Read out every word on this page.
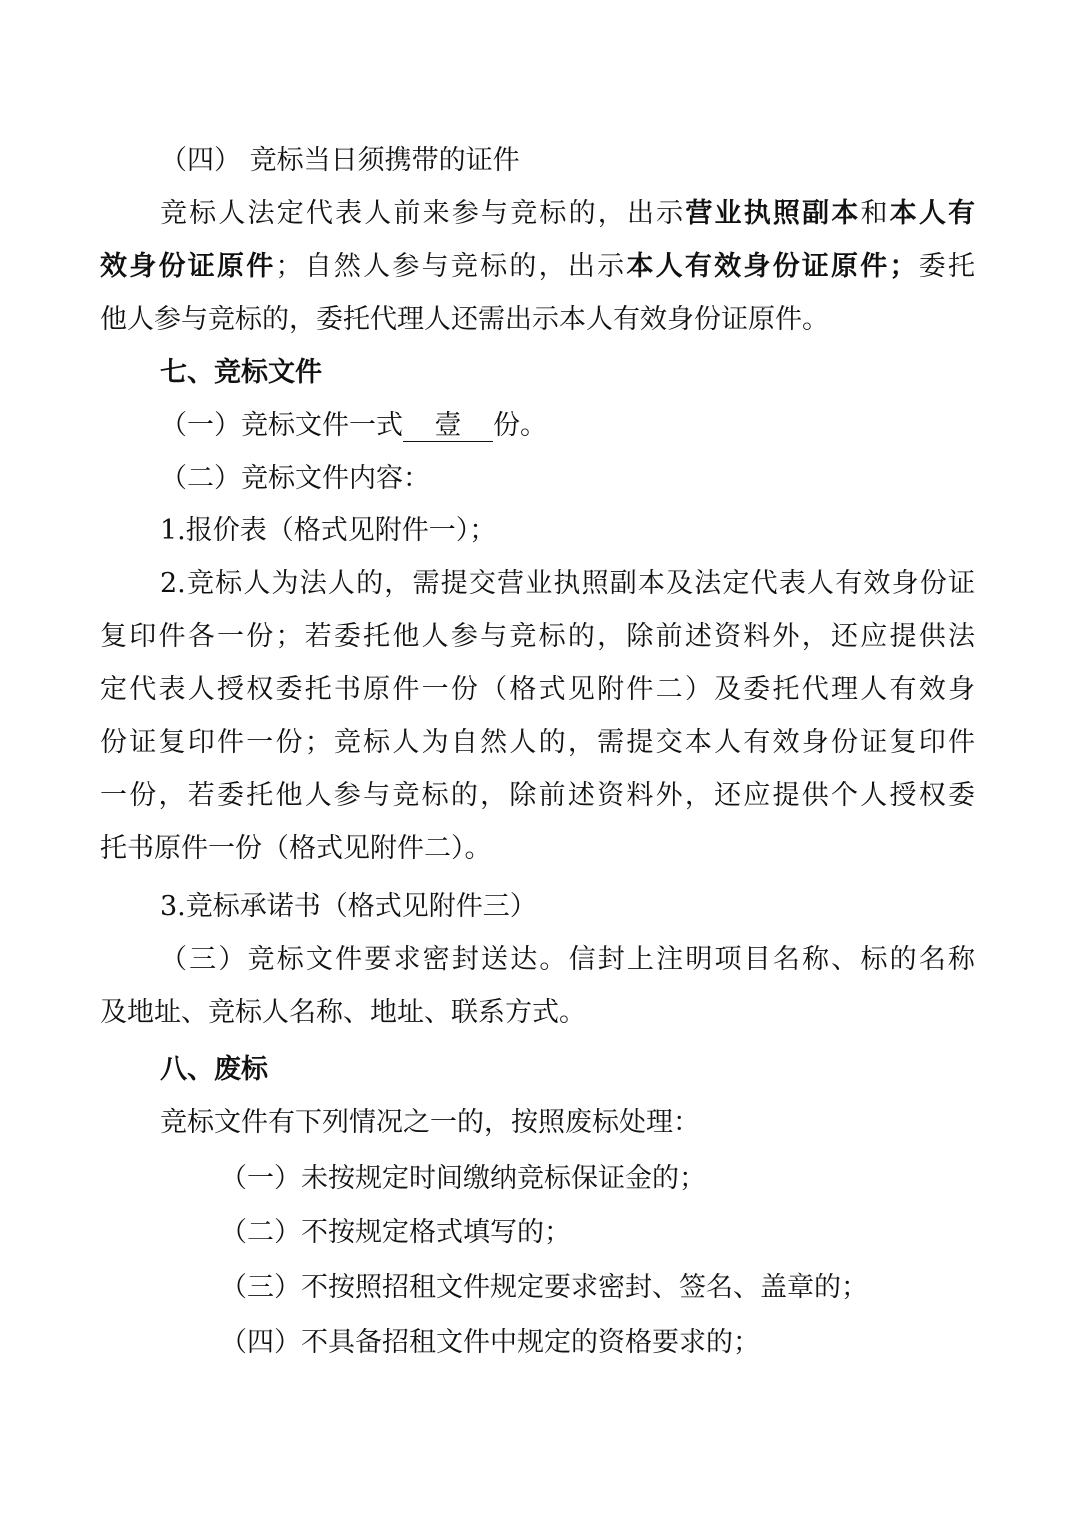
（四） 竞标当日须携带的证件
竞标人法定代表人前来参与竞标的，出示营业执照副本和本人有
效身份证原件；自然人参与竞标的，出示本人有效身份证原件；委托
他人参与竞标的，委托代理人还需出示本人有效身份证原件。
七、竞标文件
（一）竞标文件一式 壹 份。
（二）竞标文件内容：
1.报价表（格式见附件一）；
2.竞标人为法人的，需提交营业执照副本及法定代表人有效身份证
复印件各一份；若委托他人参与竞标的，除前述资料外，还应提供法
定代表人授权委托书原件一份（格式见附件二）及委托代理人有效身
份证复印件一份；竞标人为自然人的，需提交本人有效身份证复印件
一份，若委托他人参与竞标的，除前述资料外，还应提供个人授权委
托书原件一份（格式见附件二）。
3.竞标承诺书（格式见附件三）
（三）竞标文件要求密封送达。信封上注明项目名称、标的名称
及地址、竞标人名称、地址、联系方式。
八、废标
竞标文件有下列情况之一的，按照废标处理：
（一）未按规定时间缴纳竞标保证金的；
（二）不按规定格式填写的；
（三）不按照招租文件规定要求密封、签名、盖章的；
（四）不具备招租文件中规定的资格要求的；
